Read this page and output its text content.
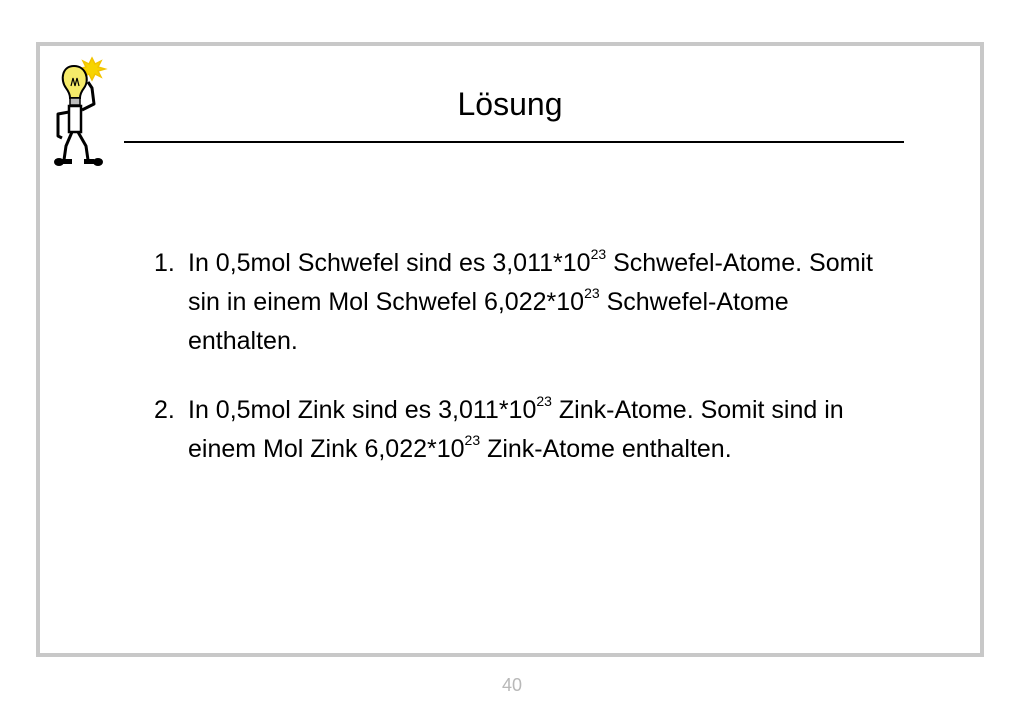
Lösung
1. In 0,5mol Schwefel sind es $3,011*10^{23}$ Schwefel-Atome. Somit sin in einem Mol Schwefel $6,022*10^{23}$ Schwefel-Atome enthalten.
2. In 0,5mol Zink sind es $3,011*10^{23}$ Zink-Atome. Somit sind in einem Mol Zink $6,022*10^{23}$ Zink-Atome enthalten.
40
